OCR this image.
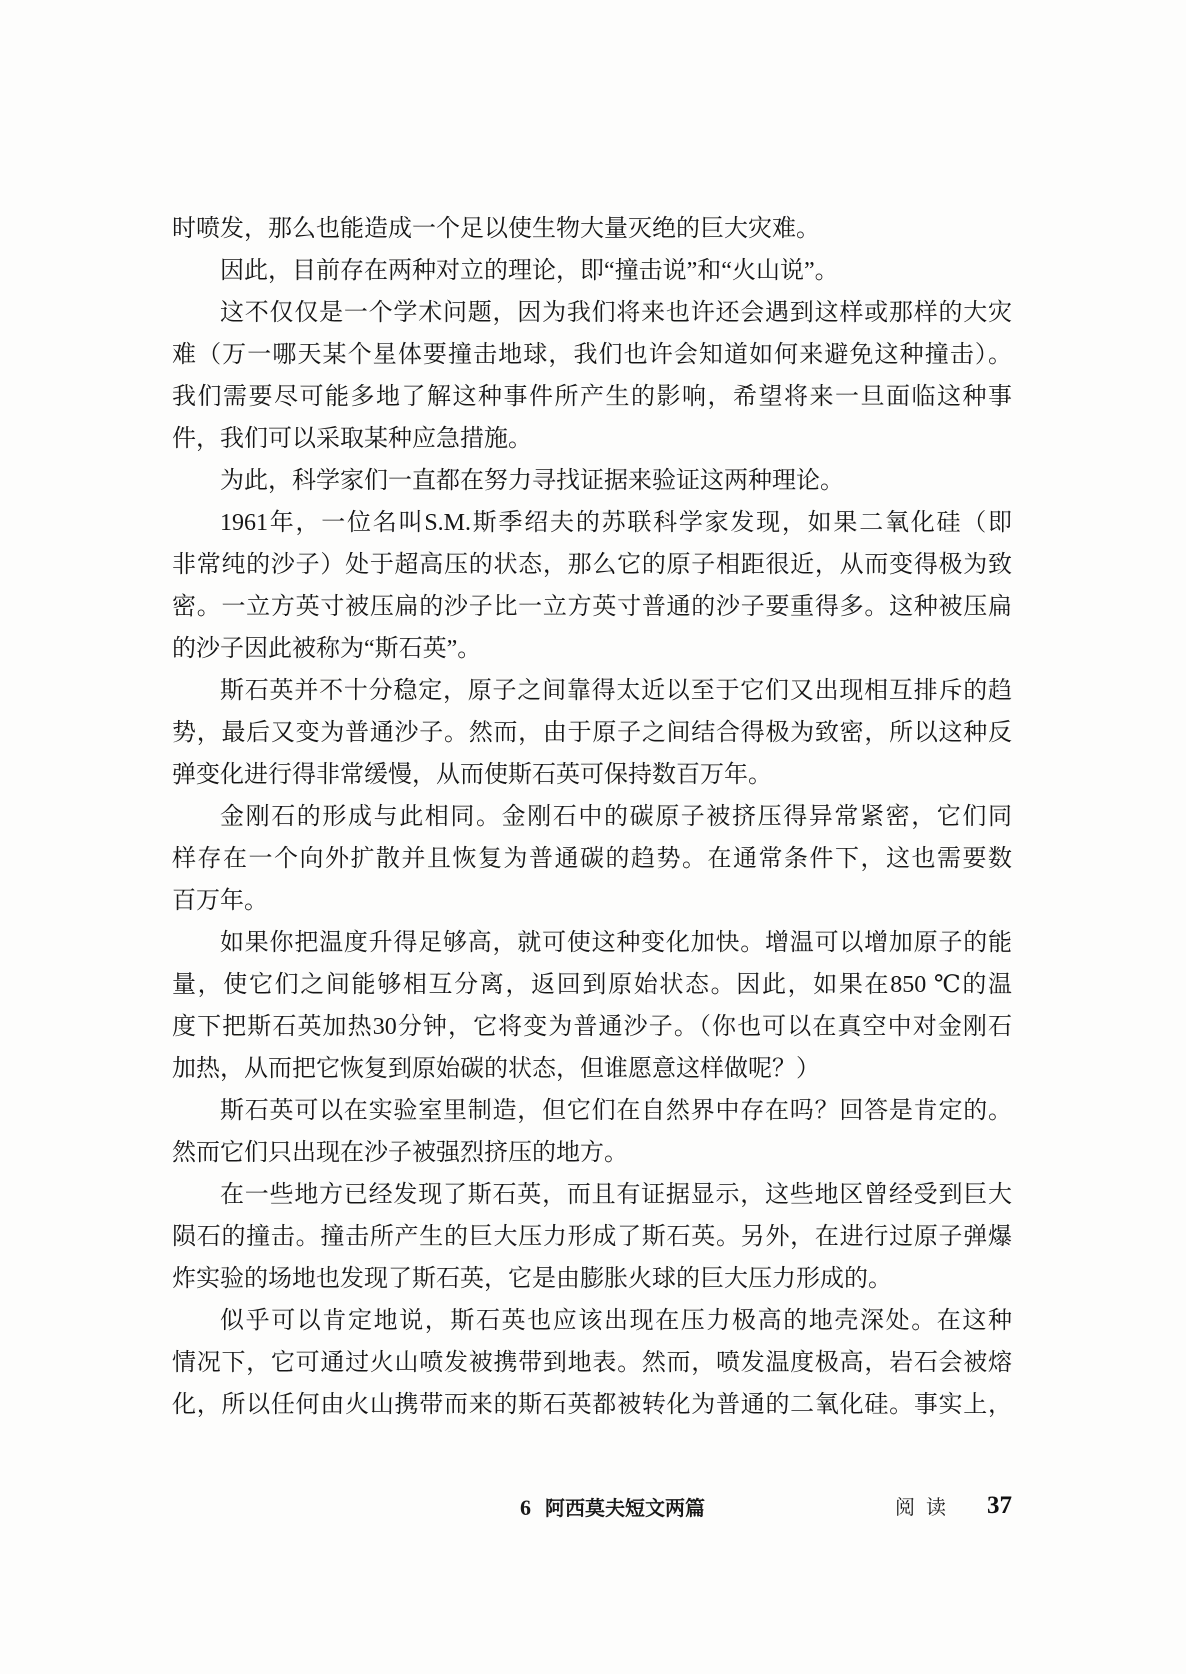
时喷发，那么也能造成一个足以使生物大量灭绝的巨大灾难。
因此，目前存在两种对立的理论，即“撞击说”和“火山说”。
这不仅仅是一个学术问题，因为我们将来也许还会遇到这样或那样的大灾
难（万一哪天某个星体要撞击地球，我们也许会知道如何来避免这种撞击）。
我们需要尽可能多地了解这种事件所产生的影响，希望将来一旦面临这种事
件，我们可以采取某种应急措施。
为此，科学家们一直都在努力寻找证据来验证这两种理论。
1961年，一位名叫S.M.斯季绍夫的苏联科学家发现，如果二氧化硅（即
非常纯的沙子）处于超高压的状态，那么它的原子相距很近，从而变得极为致
密。一立方英寸被压扁的沙子比一立方英寸普通的沙子要重得多。这种被压扁
的沙子因此被称为“斯石英”。
斯石英并不十分稳定，原子之间靠得太近以至于它们又出现相互排斥的趋
势，最后又变为普通沙子。然而，由于原子之间结合得极为致密，所以这种反
弹变化进行得非常缓慢，从而使斯石英可保持数百万年。
金刚石的形成与此相同。金刚石中的碳原子被挤压得异常紧密，它们同
样存在一个向外扩散并且恢复为普通碳的趋势。在通常条件下，这也需要数
百万年。
如果你把温度升得足够高，就可使这种变化加快。增温可以增加原子的能
量，使它们之间能够相互分离，返回到原始状态。因此，如果在850 ℃的温
度下把斯石英加热30分钟，它将变为普通沙子。（你也可以在真空中对金刚石
加热，从而把它恢复到原始碳的状态，但谁愿意这样做呢？）
斯石英可以在实验室里制造，但它们在自然界中存在吗？回答是肯定的。
然而它们只出现在沙子被强烈挤压的地方。
在一些地方已经发现了斯石英，而且有证据显示，这些地区曾经受到巨大
陨石的撞击。撞击所产生的巨大压力形成了斯石英。另外，在进行过原子弹爆
炸实验的场地也发现了斯石英，它是由膨胀火球的巨大压力形成的。
似乎可以肯定地说，斯石英也应该出现在压力极高的地壳深处。在这种
情况下，它可通过火山喷发被携带到地表。然而，喷发温度极高，岩石会被熔
化，所以任何由火山携带而来的斯石英都被转化为普通的二氧化硅。事实上，
6 阿西莫夫短文两篇	阅读 37
